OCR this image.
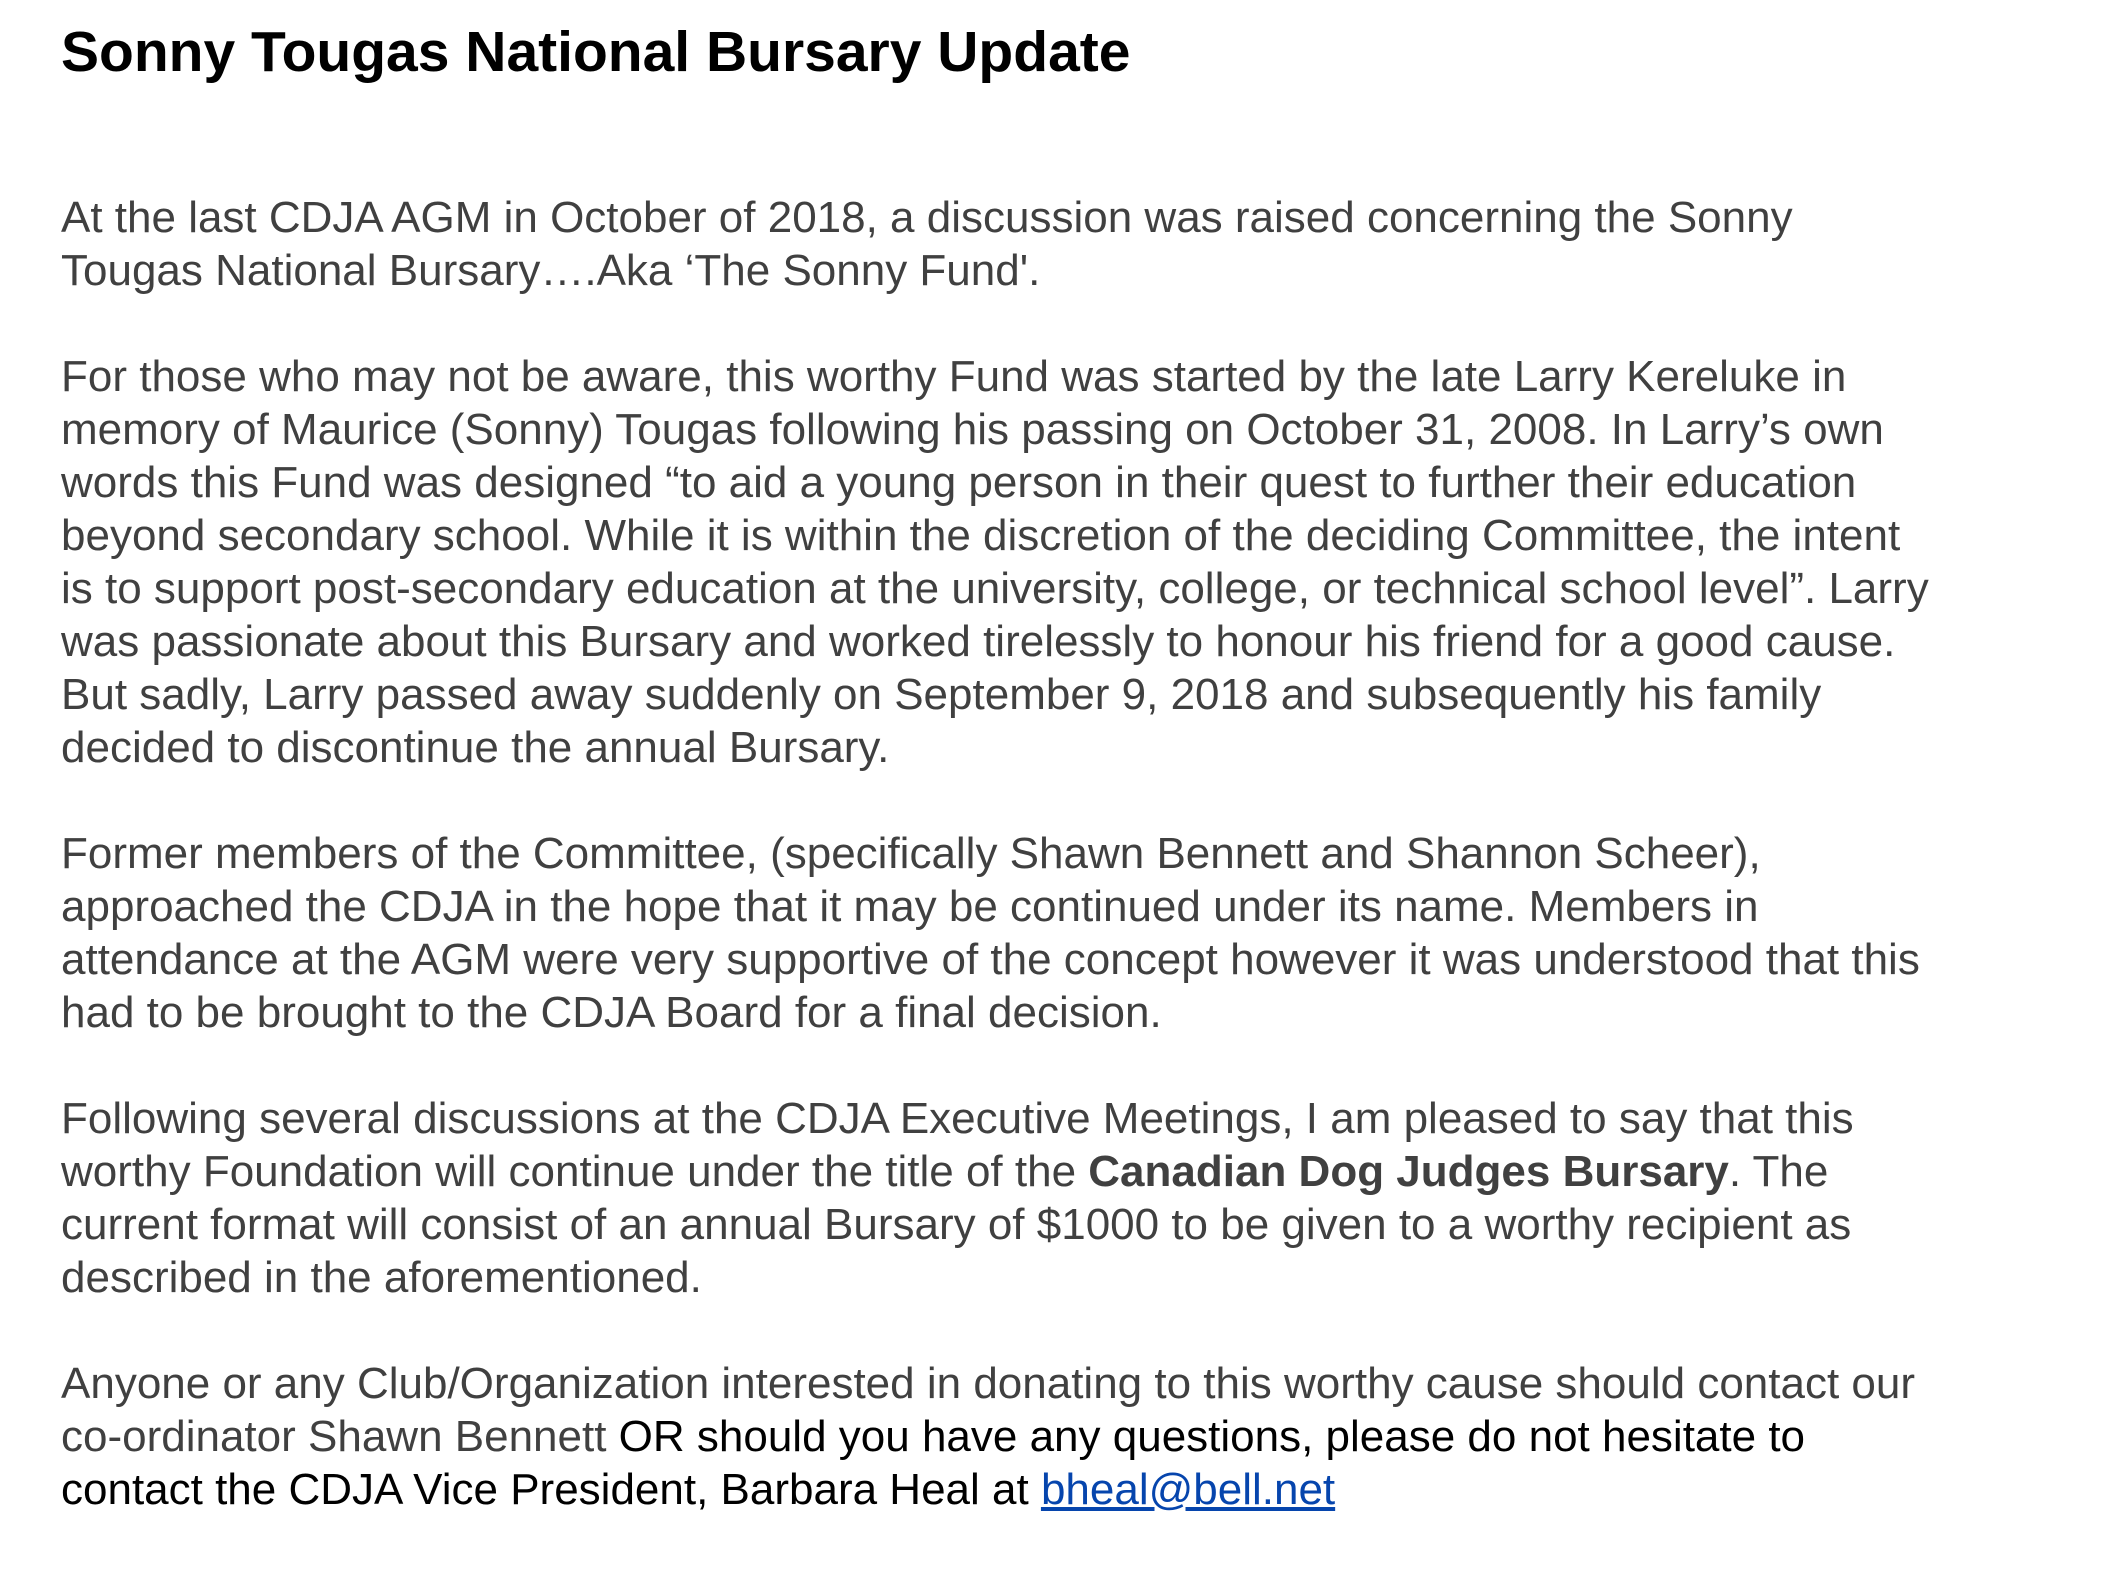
Sonny Tougas National Bursary Update

At the last CDJA AGM in October of 2018, a discussion was raised concerning the Sonny
Tougas National Bursary….Aka ‘The Sonny Fund'.

For those who may not be aware, this worthy Fund was started by the late Larry Kereluke in
memory of Maurice (Sonny) Tougas following his passing on October 31, 2008. In Larry’s own
words this Fund was designed “to aid a young person in their quest to further their education
beyond secondary school. While it is within the discretion of the deciding Committee, the intent
is to support post-secondary education at the university, college, or technical school level”. Larry
was passionate about this Bursary and worked tirelessly to honour his friend for a good cause.
But sadly, Larry passed away suddenly on September 9, 2018 and subsequently his family
decided to discontinue the annual Bursary.

Former members of the Committee, (specifically Shawn Bennett and Shannon Scheer),
approached the CDJA in the hope that it may be continued under its name. Members in
attendance at the AGM were very supportive of the concept however it was understood that this
had to be brought to the CDJA Board for a final decision.

Following several discussions at the CDJA Executive Meetings, I am pleased to say that this
worthy Foundation will continue under the title of the Canadian Dog Judges Bursary. The
current format will consist of an annual Bursary of $1000 to be given to a worthy recipient as
described in the aforementioned.

Anyone or any Club/Organization interested in donating to this worthy cause should contact our
co-ordinator Shawn Bennett OR should you have any questions, please do not hesitate to
contact the CDJA Vice President, Barbara Heal at bheal@bell.net
